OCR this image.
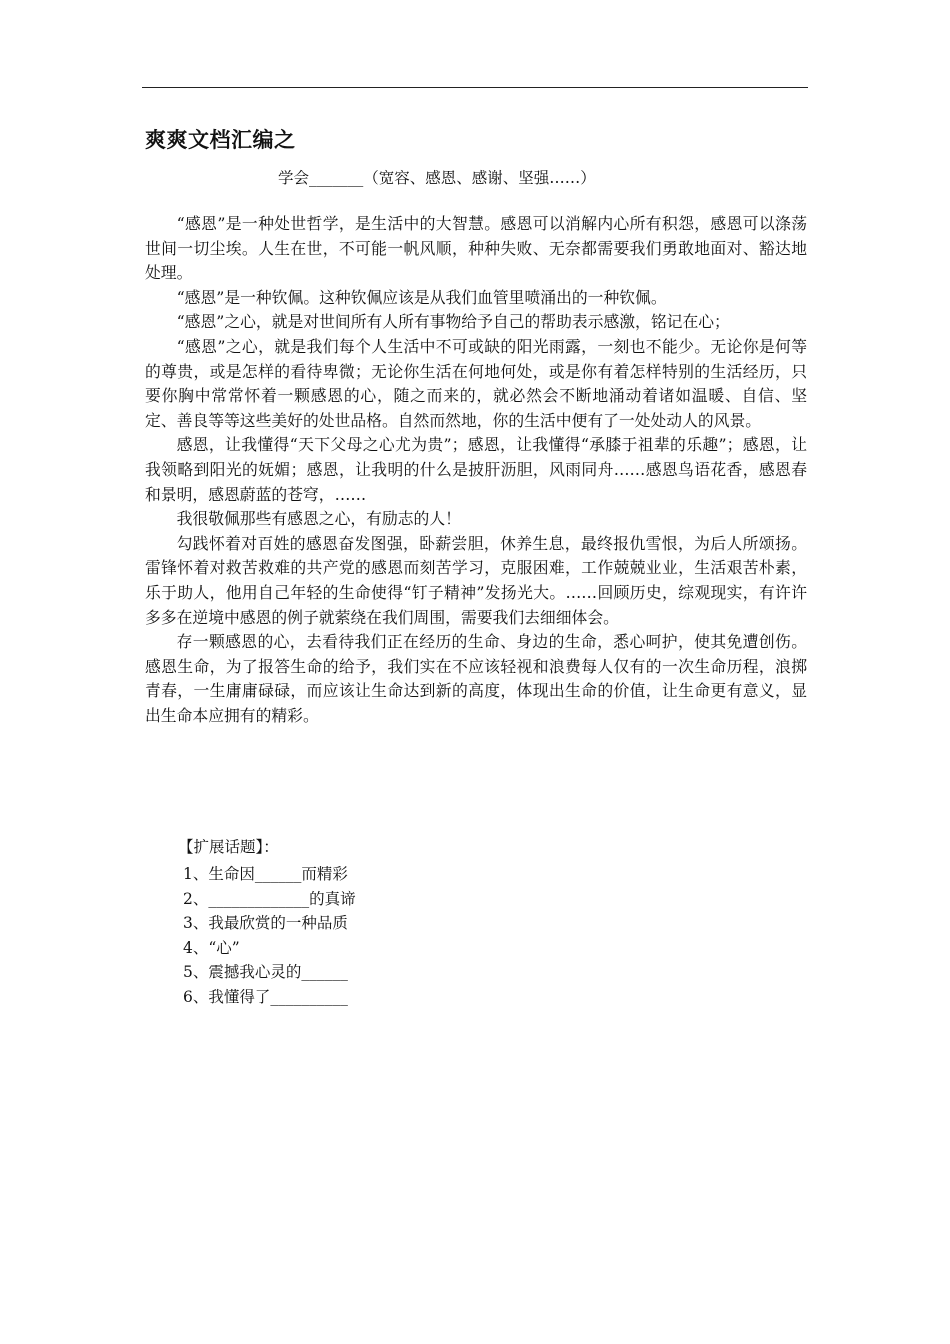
爽爽文档汇编之
学会_______（宽容、感恩、感谢、坚强……）

“感恩”是一种处世哲学，是生活中的大智慧。感恩可以消解内心所有积怨，感恩可以涤荡世间一切尘埃。人生在世，不可能一帆风顺，种种失败、无奈都需要我们勇敢地面对、豁达地处理。

“感恩”是一种钦佩。这种钦佩应该是从我们血管里喷涌出的一种钦佩。

“感恩”之心，就是对世间所有人所有事物给予自己的帮助表示感激，铭记在心；

“感恩”之心，就是我们每个人生活中不可或缺的阳光雨露，一刻也不能少。无论你是何等的尊贵，或是怎样的看待卑微；无论你生活在何地何处，或是你有着怎样特别的生活经历，只要你胸中常常怀着一颗感恩的心，随之而来的，就必然会不断地涌动着诸如温暖、自信、坚定、善良等等这些美好的处世品格。自然而然地，你的生活中便有了一处处动人的风景。

感恩，让我懂得“天下父母之心尤为贵”；感恩，让我懂得“承膝于祖辈的乐趣”；感恩，让我领略到阳光的妩媚；感恩，让我明的什么是披肝沥胆，风雨同舟……感恩鸟语花香，感恩春和景明，感恩蔚蓝的苍穹，……

我很敬佩那些有感恩之心，有励志的人！

勾践怀着对百姓的感恩奋发图强，卧薪尝胆，休养生息，最终报仇雪恨，为后人所颂扬。雷锋怀着对救苦救难的共产党的感恩而刻苦学习，克服困难，工作兢兢业业，生活艰苦朴素，乐于助人，他用自己年轻的生命使得“钉子精神”发扬光大。……回顾历史，综观现实，有许许多多在逆境中感恩的例子就萦绕在我们周围，需要我们去细细体会。

存一颗感恩的心，去看待我们正在经历的生命、身边的生命，悉心呵护，使其免遭创伤。感恩生命，为了报答生命的给予，我们实在不应该轻视和浪费每人仅有的一次生命历程，浪掷青春，一生庸庸碌碌，而应该让生命达到新的高度，体现出生命的价值，让生命更有意义，显出生命本应拥有的精彩。

【扩展话题】：
1、生命因______而精彩
2、_____________的真谛
3、我最欣赏的一种品质
4、“心”
5、震撼我心灵的______
6、我懂得了__________
